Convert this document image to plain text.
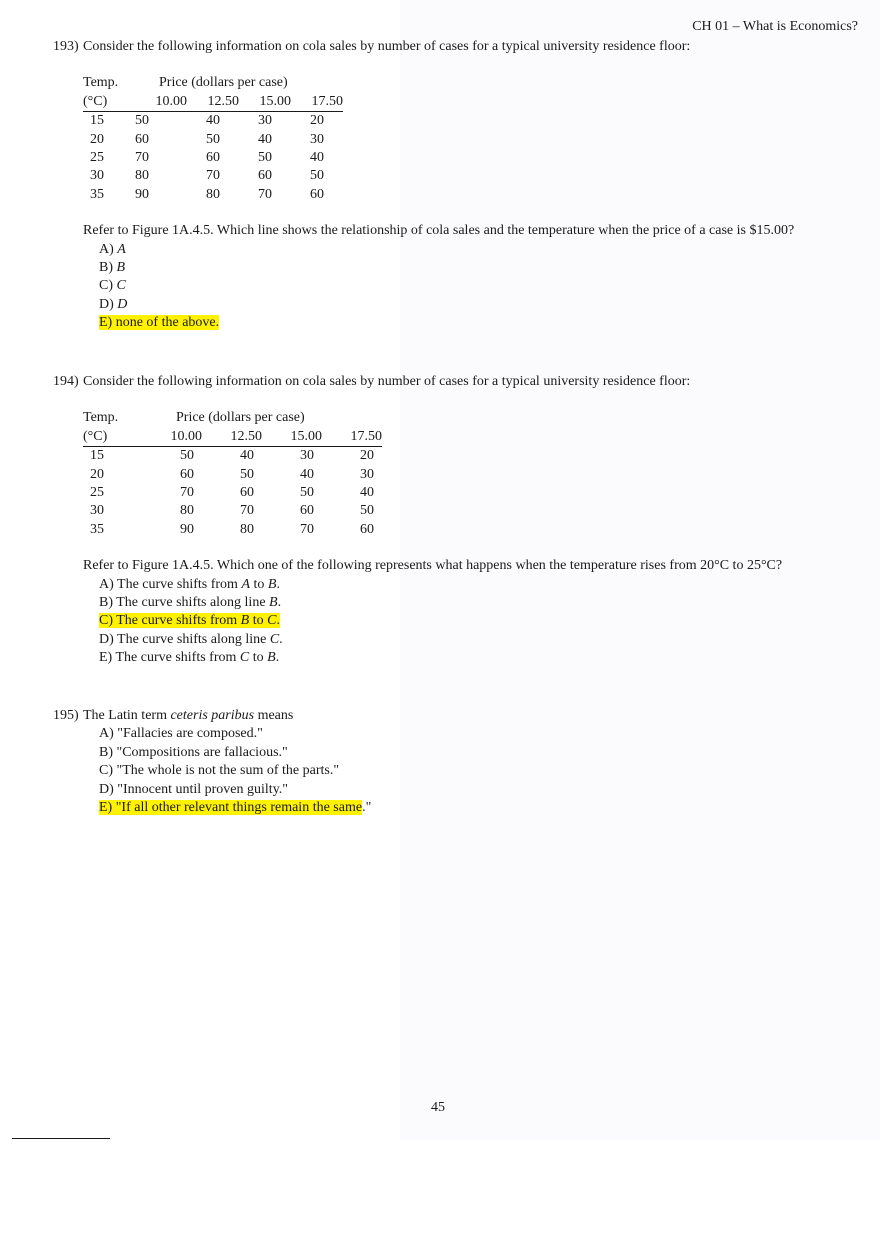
CH 01 – What is Economics?
193) Consider the following information on cola sales by number of cases for a typical university residence floor:
Temp.	Price (dollars per case)			
(°C)	10.00	12.50	15.00	17.50
15	50	40	30	20
20	60	50	40	30
25	70	60	50	40
30	80	70	60	50
35	90	80	70	60
Refer to Figure 1A.4.5. Which line shows the relationship of cola sales and the temperature when the price of a case is $15.00?
A) A
B) B
C) C
D) D
E) none of the above.
194) Consider the following information on cola sales by number of cases for a typical university residence floor:
Temp.	Price (dollars per case)			
(°C)	10.00	12.50	15.00	17.50
15	50	40	30	20
20	60	50	40	30
25	70	60	50	40
30	80	70	60	50
35	90	80	70	60
Refer to Figure 1A.4.5. Which one of the following represents what happens when the temperature rises from 20°C to 25°C?
A) The curve shifts from A to B.
B) The curve shifts along line B.
C) The curve shifts from B to C.
D) The curve shifts along line C.
E) The curve shifts from C to B.
195) The Latin term ceteris paribus means
A) "Fallacies are composed."
B) "Compositions are fallacious."
C) "The whole is not the sum of the parts."
D) "Innocent until proven guilty."
E) "If all other relevant things remain the same."
45
